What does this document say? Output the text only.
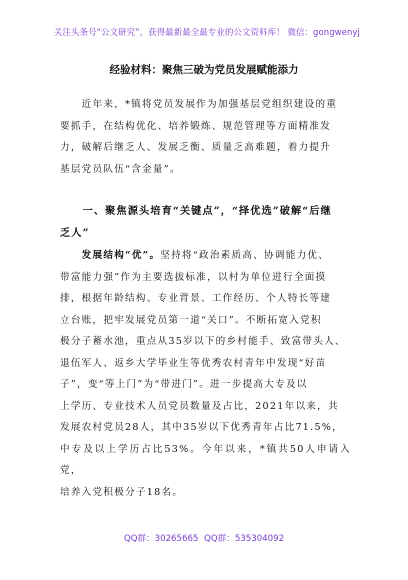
关注头条号“公文研究”，获得最新最全最专业的公文资料库！ 微信：gongwenyj
经验材料：聚焦三破为党员发展赋能添力
　　近年来，*镇将党员发展作为加强基层党组织建设的重
要抓手，在结构优化、培养锻炼、规范管理等方面精准发
力，破解后继乏人、发展乏衡、质量乏高难题，着力提升
基层党员队伍“含金量”。
　　一、聚焦源头培育“关键点”，“择优选”破解“后继
乏人”
　　发展结构“优”。坚持将“政治素质高、协调能力优、
带富能力强”作为主要选拔标准，以村为单位进行全面摸
排，根据年龄结构、专业背景、工作经历、个人特长等建
立台账，把牢发展党员第一道“关口”。不断拓宽入党积
极分子蓄水池，重点从35岁以下的乡村能手、致富带头人、
退伍军人、返乡大学毕业生等优秀农村青年中发现“好苗
子”，变“等上门”为“带进门”。进一步提高大专及以
上学历、专业技术人员党员数量及占比，2021年以来，共
发展农村党员28人，其中35岁以下优秀青年占比71.5%，
中专及以上学历占比53%。今年以来，*镇共50人申请入党，
培养入党积极分子18名。
QQ群：30265665 QQ群：535304092
